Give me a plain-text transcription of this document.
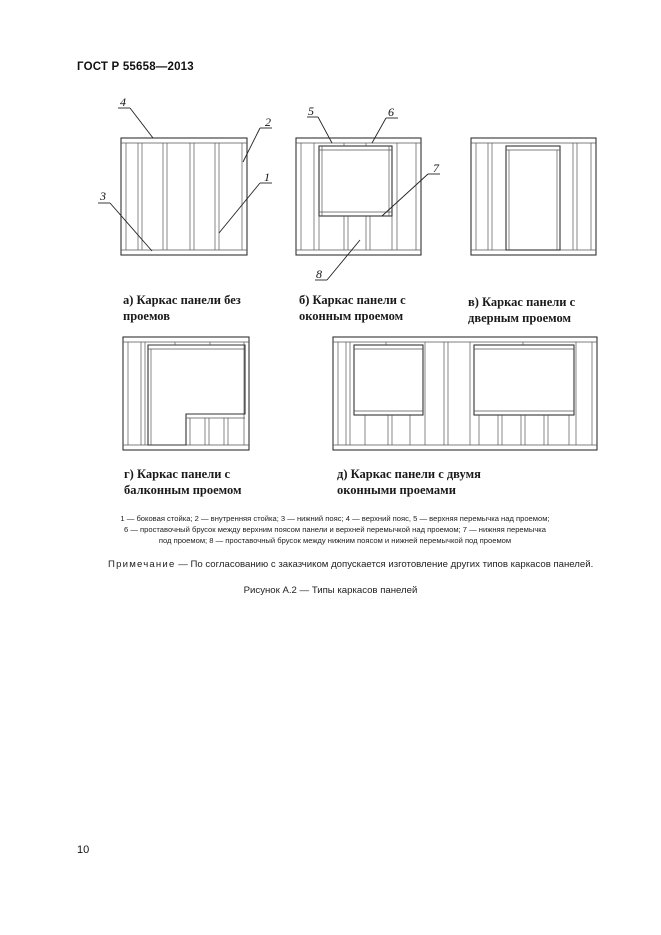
ГОСТ Р 55658—2013
4
2
1
3
5	6
7
8
а) Каркас панели без
проемов
б) Каркас панели с
оконным проемом
в) Каркас панели с
дверным проемом
г) Каркас панели с
балконным проемом
д) Каркас панели с двумя
оконными проемами
1 — боковая стойка; 2 — внутренняя стойка; 3 — нижний пояс; 4 — верхний пояс, 5 — верхняя перемычка над проемом;
6 — проставочный брусок между верхним поясом панели и верхней перемычкой над проемом; 7 — нижняя перемычка
под проемом; 8 — проставочный брусок между нижним поясом и нижней перемычкой под проемом
Примечание — По согласованию с заказчиком допускается изготовление других типов каркасов панелей.
Рисунок А.2 — Типы каркасов панелей
10
